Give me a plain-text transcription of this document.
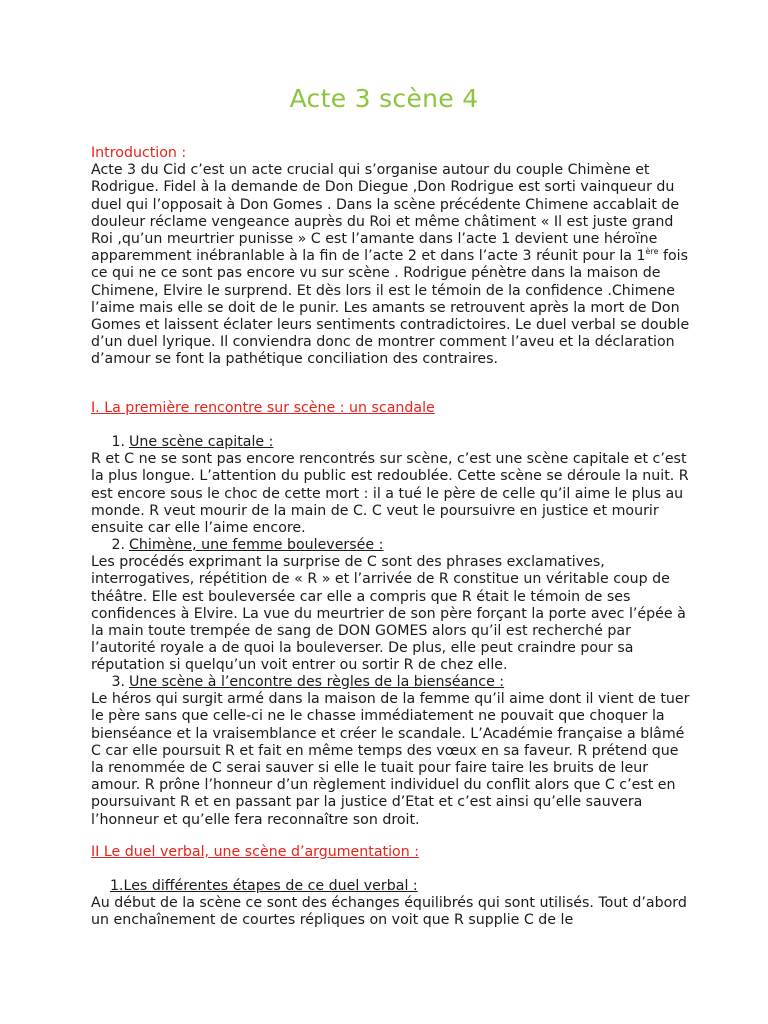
Acte 3 scène 4

Introduction :

Acte 3 du Cid c’est un acte crucial qui s’organise autour du couple Chimène et Rodrigue. Fidel à la demande de Don Diegue ,Don Rodrigue est sorti vainqueur du duel qui l’opposait à Don Gomes . Dans la scène précédente Chimene accablait de douleur réclame vengeance auprès du Roi et même châtiment « Il est juste grand Roi ,qu’un meurtrier punisse » C est l’amante dans l’acte 1 devient une héroïne apparemment inébranlable à la fin de l’acte 2 et dans l’acte 3 réunit pour la 1ère fois ce qui ne ce sont pas encore vu sur scène . Rodrigue pénètre dans la maison de Chimene, Elvire le surprend. Et dès lors il est le témoin de la confidence .Chimene l’aime mais elle se doit de le punir. Les amants se retrouvent après la mort de Don Gomes et laissent éclater leurs sentiments contradictoires. Le duel verbal se double d’un duel lyrique. Il conviendra donc de montrer comment l’aveu et la déclaration d’amour se font la pathétique conciliation des contraires.

I. La première rencontre sur scène : un scandale

1. Une scène capitale :

R et C ne se sont pas encore rencontrés sur scène, c’est une scène capitale et c’est la plus longue. L’attention du public est redoublée. Cette scène se déroule la nuit. R est encore sous le choc de cette mort : il a tué le père de celle qu’il aime le plus au monde. R veut mourir de la main de C. C veut le poursuivre en justice et mourir ensuite car elle l’aime encore.

2. Chimène, une femme bouleversée :

Les procédés exprimant la surprise de C sont des phrases exclamatives, interrogatives, répétition de « R » et l’arrivée de R constitue un véritable coup de théâtre. Elle est bouleversée car elle a compris que R était le témoin de ses confidences à Elvire. La vue du meurtrier de son père forçant la porte avec l’épée à la main toute trempée de sang de DON GOMES alors qu’il est recherché par l’autorité royale a de quoi la bouleverser. De plus, elle peut craindre pour sa réputation si quelqu’un voit entrer ou sortir R de chez elle.

3. Une scène à l’encontre des règles de la bienséance :

Le héros qui surgit armé dans la maison de la femme qu’il aime dont il vient de tuer le père sans que celle-ci ne le chasse immédiatement ne pouvait que choquer la bienséance et la vraisemblance et créer le scandale. L’Académie française a blâmé C car elle poursuit R et fait en même temps des vœux en sa faveur. R prétend que la renommée de C serai sauver si elle le tuait pour faire taire les bruits de leur amour. R prône l’honneur d’un règlement individuel du conflit alors que C c’est en poursuivant R et en passant par la justice d’Etat et c’est ainsi qu’elle sauvera l’honneur et qu’elle fera reconnaître son droit.

II Le duel verbal, une scène d’argumentation :

1.Les différentes étapes de ce duel verbal :

Au début de la scène ce sont des échanges équilibrés qui sont utilisés. Tout d’abord un enchaînement de courtes répliques on voit que R supplie C de le
